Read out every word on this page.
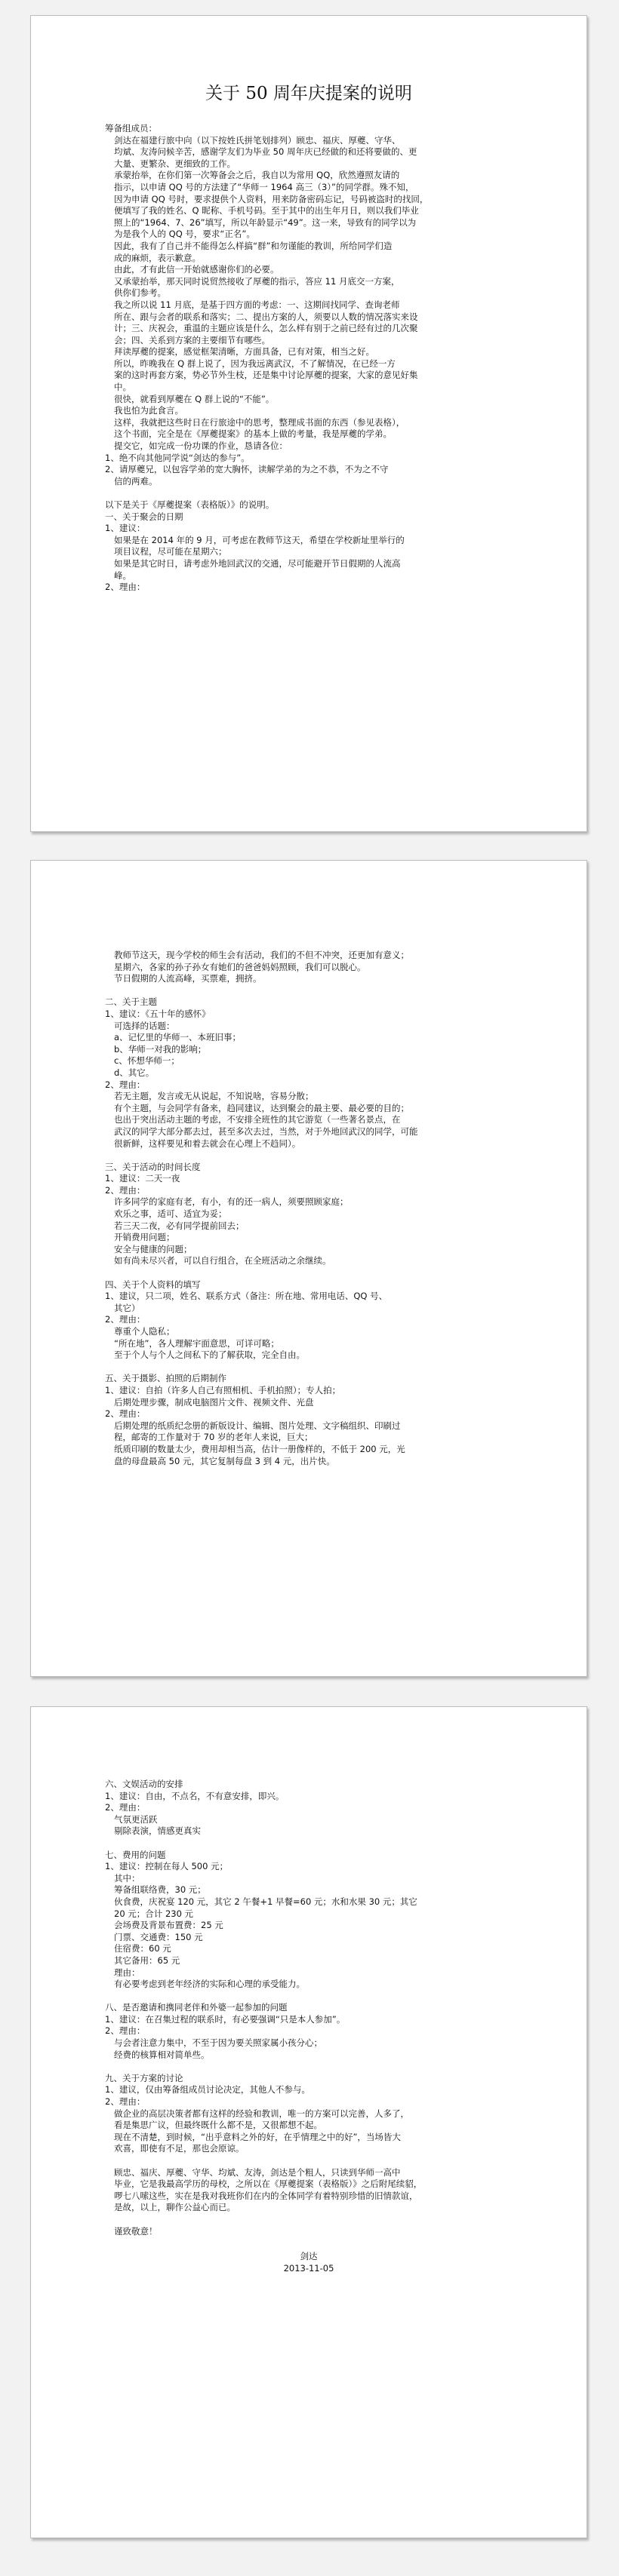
关于 50 周年庆提案的说明
筹备组成员：
剑达在福建行旅中向（以下按姓氏拼笔划排列）顾忠、福庆、厚夔、守华、
均斌、友涛问候辛苦，感谢学友们为毕业 50 周年庆已经做的和还将要做的、更
大量、更繁杂、更细致的工作。
承蒙抬举，在你们第一次筹备会之后，我自以为常用 QQ，欣然遵照友请的
指示，以申请 QQ 号的方法建了“华师一 1964 高三（3）”的同学群。殊不知，
因为申请 QQ 号时，要求提供个人资料，用来防备密码忘记，号码被盗时的找回，
便填写了我的姓名、Q 昵称、手机号码。至于其中的出生年月日，则以我们毕业
照上的“1964、7、26”填写，所以年龄显示“49”。这一来，导致有的同学以为
为是我个人的 QQ 号，要求“正名”。
因此，我有了自己并不能得怎么样搞“群”和勿谨能的教训，所给同学们造
成的麻烦，表示歉意。
由此，才有此信一开始就感谢你们的必要。
又承蒙抬举，那天同时说贸然接收了厚夔的指示，答应 11 月底交一方案，
供你们参考。
我之所以说 11 月底，是基于四方面的考虑：一、这期间找同学、查询老师
所在、跟与会者的联系和落实；二、提出方案的人，须要以人数的情况落实来设
计；三、庆祝会，重温的主题应该是什么，怎么样有别于之前已经有过的几次聚
会；四、关系到方案的主要细节有哪些。
拜读厚夔的提案，感觉框架清晰，方面具备，已有对策，相当之好。
所以，昨晚我在 Q 群上说了，因为我远离武汉，不了解情况，在已经一方
案的这时再套方案，势必节外生枝，还是集中讨论厚夔的提案，大家的意见好集
中。
很快，就看到厚夔在 Q 群上说的“不能”。
我也怕为此食言。
这样，我就把这些时日在行旅途中的思考，整理成书面的东西（参见表格），
这个书面，完全是在《厚夔提案》的基本上做的考量，我是厚夔的学弟。
提交它，如完成一份功课的作业，恳请各位：
1、绝不向其他同学说“剑达的参与”。
2、请厚夔兄，以包容学弟的宽大胸怀，读解学弟的为之不恭，不为之不守
信的两难。
以下是关于《厚夔提案（表格版）》的说明。
一、关于聚会的日期
1、建议：
如果是在 2014 年的 9 月，可考虑在教师节这天，希望在学校新址里举行的
项目议程，尽可能在星期六；
如果是其它时日，请考虑外地回武汉的交通，尽可能避开节日假期的人流高
峰。
2、理由：
教师节这天，现今学校的师生会有活动，我们的不但不冲突，还更加有意义；
星期六，各家的孙子孙女有她们的爸爸妈妈照顾，我们可以脱心。
节日假期的人流高峰，买票难，拥挤。
二、关于主题
1、建议：《五十年的感怀》
可选择的话题：
a、记忆里的华师一、本班旧事；
b、华师一对我的影响；
c、怀想华师一；
d、其它。
2、理由：
若无主题，发言或无从说起，不知说啥，容易分散；
有个主题，与会同学有备来，趋同建议，达到聚会的最主要、最必要的目的；
也出于突出活动主题的考虑，不安排全班性的其它游览（一些著名景点，在
武汉的同学大部分都去过，甚至多次去过，当然，对于外地回武汉的同学，可能
很新鲜，这样要见和着去就会在心理上不趋同）。
三、关于活动的时间长度
1、建议：二天一夜
2、理由：
许多同学的家庭有老，有小，有的还一病人，须要照顾家庭；
欢乐之事，适可、适宜为妥；
若三天二夜，必有同学提前回去；
开销费用问题；
安全与健康的问题；
如有尚未尽兴者，可以自行组合，在全班活动之余继续。
四、关于个人资料的填写
1、建议，只二项，姓名、联系方式（备注：所在地、常用电话、QQ 号、
其它）
2、理由：
尊重个人隐私；
“所在地”，各人理解宇面意思，可详可略；
至于个人与个人之间私下的了解获取，完全自由。
五、关于摄影、拍照的后期制作
1、建议：自拍（许多人自己有照相机、手机拍照）；专人拍；
后期处理步骤，制成电脑图片文件、视频文件、光盘
2、理由：
后期处理的纸质纪念册的新版设计、编辑、图片处理、文字稿组织、印刷过
程，邮寄的工作量对于 70 岁的老年人来说，巨大；
纸质印刷的数量太少，费用却相当高，估计一册像样的，不低于 200 元，光
盘的母盘最高 50 元，其它复制每盘 3 到 4 元，出片快。
六、文娱活动的安排
1、建议：自由，不点名，不有意安排，即兴。
2、理由：
气氛更活跃
剔除表演，情感更真实
七、费用的问题
1、建议：控制在每人 500 元；
其中：
筹备组联络费，30 元；
伙食费，庆祝宴 120 元，其它 2 午餐+1 早餐=60 元；水和水果 30 元；其它
20 元；合计 230 元
会场费及背景布置费：25 元
门票、交通费：150 元
住宿费：60 元
其它备用：65 元
理由：
有必要考虑到老年经济的实际和心理的承受能力。
八、是否邀请和携同老伴和外婆一起参加的问题
1、建议：在召集过程的联系时，有必要强调“只是本人参加”。
2、理由：
与会者注意力集中，不至于因为要关照家属小孩分心；
经费的核算相对简单些。
九、关于方案的讨论
1、建议，仅由筹备组成员讨论决定，其他人不参与。
2、理由：
做企业的高层决策者都有这样的经验和教训，唯一的方案可以完善，人多了，
看是集思广议，但最终既什么都不是，又很都想不起。
现在不清楚，到时候，“出乎意料之外的好，在乎情理之中的好”，当场皆大
欢喜，即使有不足，那也会原谅。
顾忠、福庆、厚夔、守华、均斌、友涛，剑达是个粗人，只读到华师一高中
毕业，它是我最高学历的母校，之所以在《厚夔提案（表格版）》之后附尾续貂，
啰七八嗦这些，实在是我对我班你们在内的全体同学有着特别珍惜的旧情款谊，
是故，以上，聊作公益心而已。
谨致敬意！
剑达
2013-11-05
